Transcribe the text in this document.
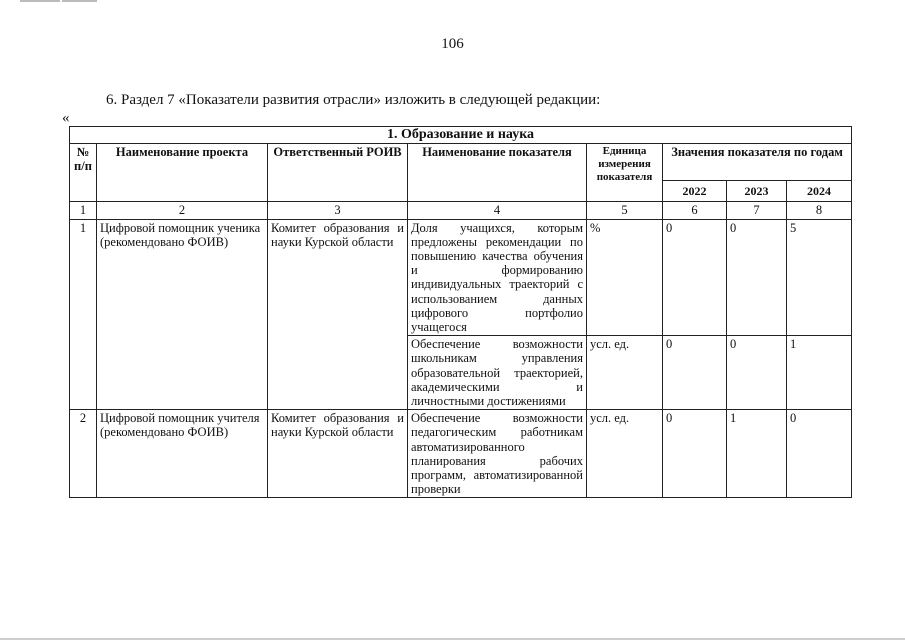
106
6. Раздел 7 «Показатели развития отрасли» изложить в следующей редакции:
«
1. Образование и наука							
№ п/п	Наименование проекта	Ответственный РОИВ	Наименование показателя	Единица измерения показателя	Значения показателя по годам		
					2022	2023	2024
1	2	3	4	5	6	7	8
1	Цифровой помощник ученика (рекомендовано ФОИВ)	Комитет образования и науки Курской области	Доля учащихся, которым предложены рекомендации по повышению качества обучения и формированию индивидуальных траекторий с использованием данных цифрового портфолио учащегося	%	0	0	5
			Обеспечение возможности школьникам управления образовательной траекторией, академическими и личностными достижениями	усл. ед.	0	0	1
2	Цифровой помощник учителя (рекомендовано ФОИВ)	Комитет образования и науки Курской области	Обеспечение возможности педагогическим работникам автоматизированного планирования рабочих программ, автоматизированной проверки	усл. ед.	0	1	0
